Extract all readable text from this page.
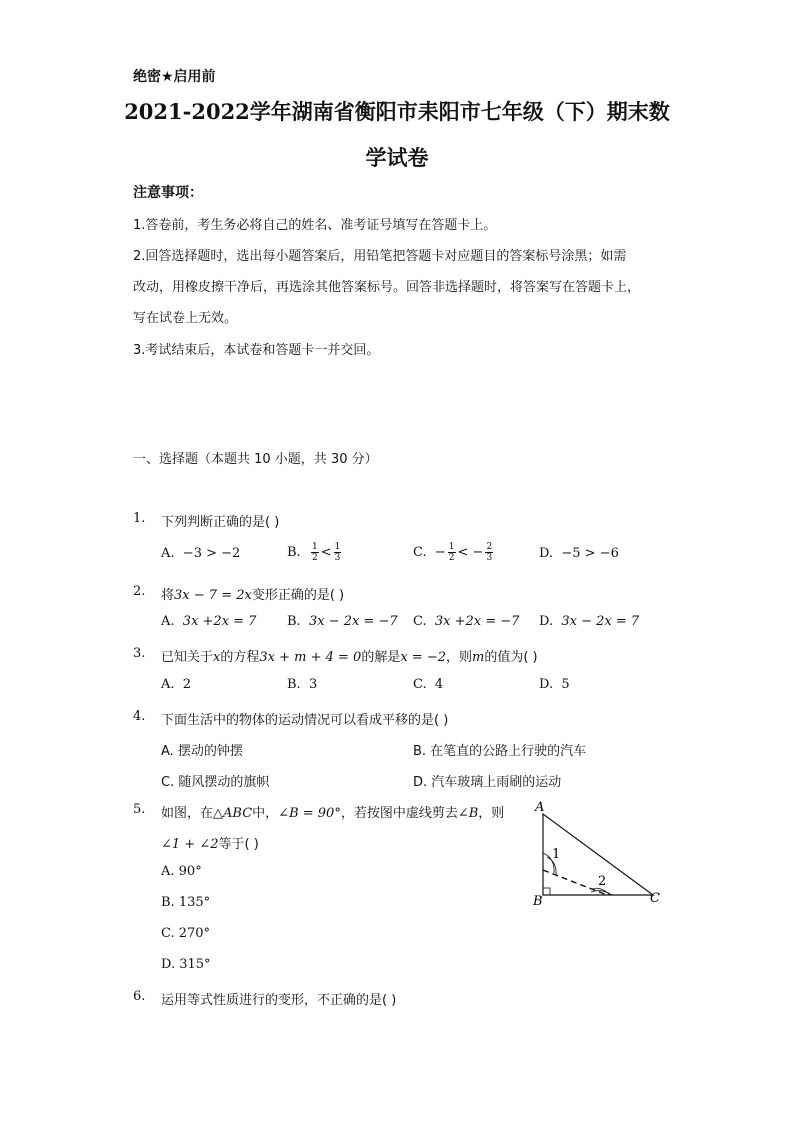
绝密★启用前
2021-2022学年湖南省衡阳市耒阳市七年级（下）期末数
学试卷
注意事项：
1.答卷前，考生务必将自己的姓名、准考证号填写在答题卡上。
2.回答选择题时，选出每小题答案后，用铅笔把答题卡对应题目的答案标号涂黑；如需
改动，用橡皮擦干净后，再选涂其他答案标号。回答非选择题时，将答案写在答题卡上，
写在试卷上无效。
3.考试结束后，本试卷和答题卡一并交回。
一、选择题（本题共 10 小题，共 30 分）
1. 下列判断正确的是( )
A. −3 > −2	B. $\frac{1}{2} < \frac{1}{3}$	C. − $\frac{1}{2}$ < − $\frac{2}{3}$	D. −5 > −6
2. 将3x − 7 = 2x变形正确的是( )
A. 3x +2x = 7 B. 3x − 2x = −7 C. 3x +2x = −7 D. 3x − 2x = 7
3. 已知关于x的方程3x + m + 4 = 0的解是x = −2，则m的值为( )
A. 2	B. 3	C. 4	D. 5
4. 下面生活中的物体的运动情况可以看成平移的是( )
A. 摆动的钟摆	B. 在笔直的公路上行驶的汽车
C. 随风摆动的旗帜	D. 汽车玻璃上雨刷的运动
5. 如图，在△ABC中，∠B = 90°，若按图中虚线剪去∠B，则
∠1 + ∠2等于( )
A. 90°
B. 135°
C. 270°
D. 315°
A
B	C
1
2
6. 运用等式性质进行的变形，不正确的是( )
